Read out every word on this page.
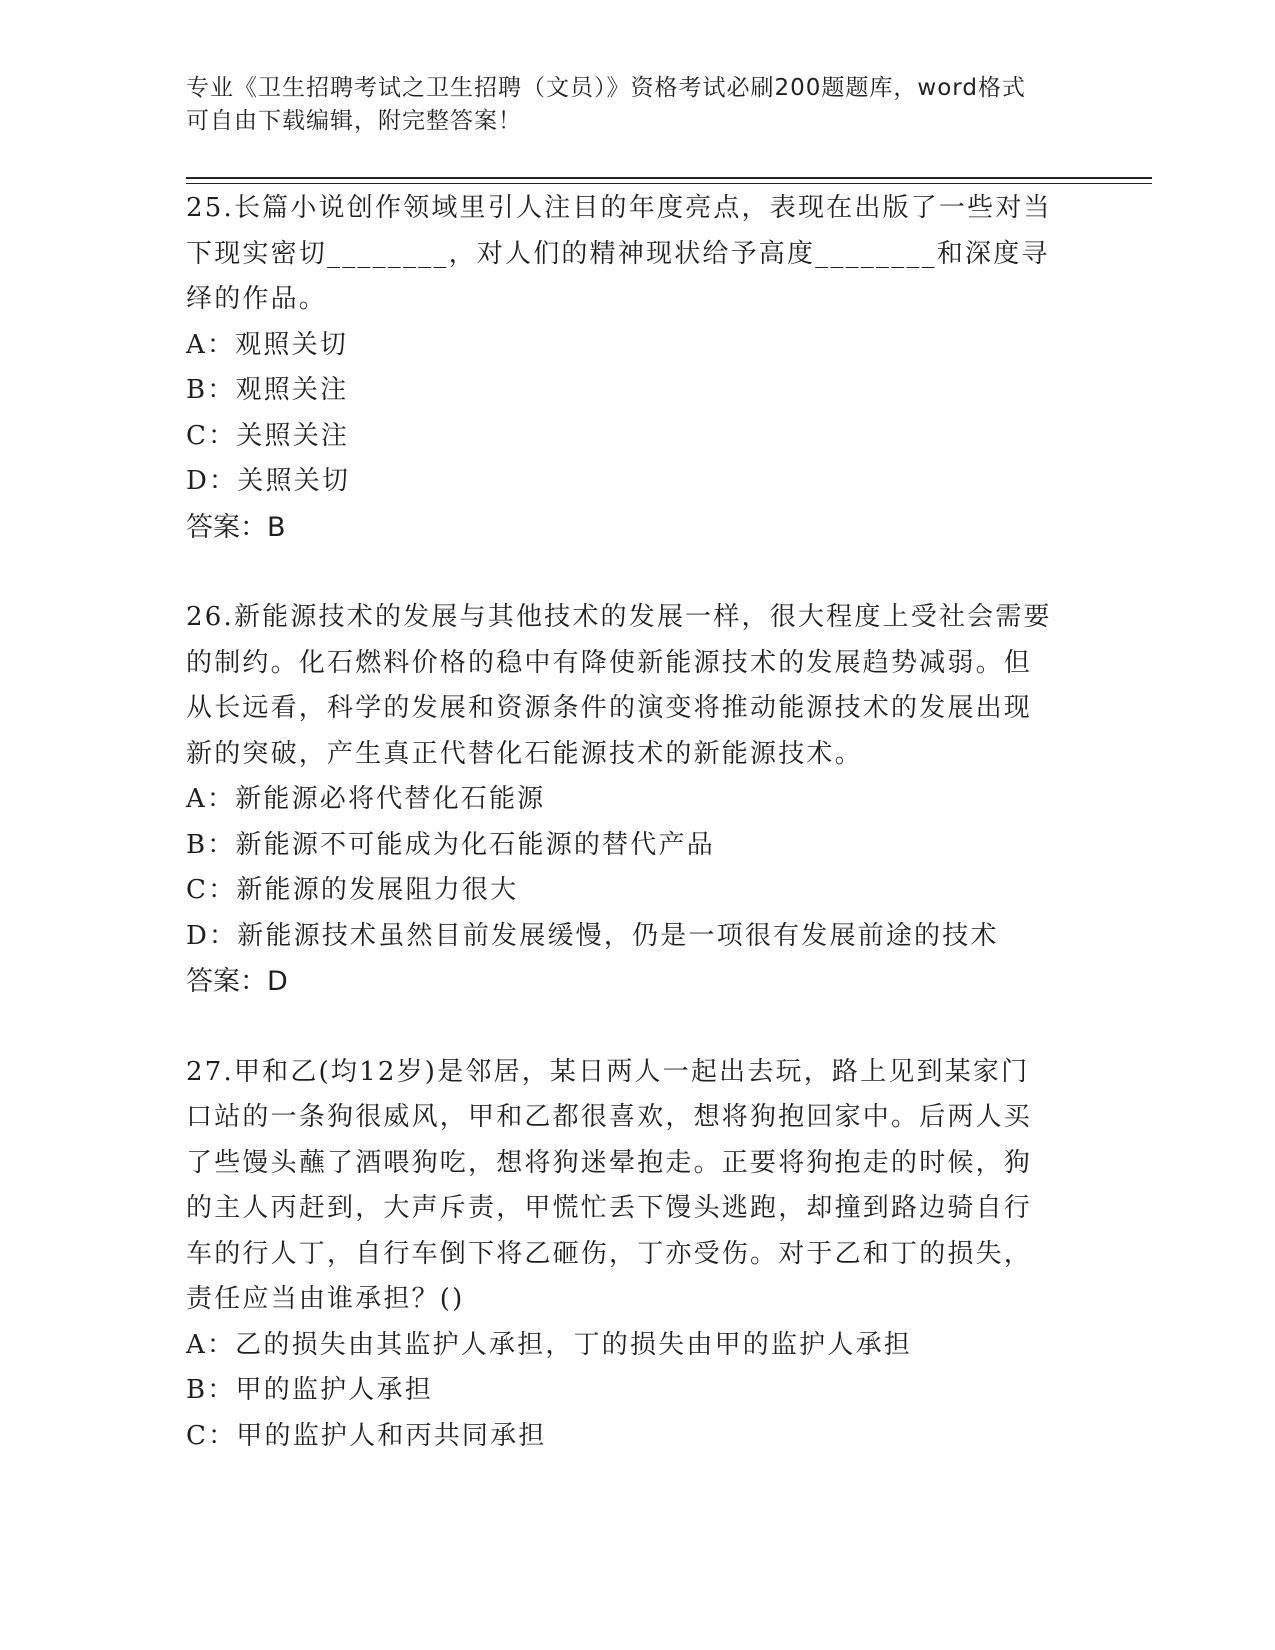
专业《卫生招聘考试之卫生招聘（文员）》资格考试必刷200题题库，word格式
可自由下载编辑，附完整答案！

25.长篇小说创作领域里引人注目的年度亮点，表现在出版了一些对当

下现实密切________，对人们的精神现状给予高度________和深度寻

绎的作品。

A：观照关切

B：观照关注

C：关照关注

D：关照关切

答案：B

26.新能源技术的发展与其他技术的发展一样，很大程度上受社会需要

的制约。化石燃料价格的稳中有降使新能源技术的发展趋势减弱。但

从长远看，科学的发展和资源条件的演变将推动能源技术的发展出现

新的突破，产生真正代替化石能源技术的新能源技术。

A：新能源必将代替化石能源

B：新能源不可能成为化石能源的替代产品

C：新能源的发展阻力很大

D：新能源技术虽然目前发展缓慢，仍是一项很有发展前途的技术

答案：D

27.甲和乙(均12岁)是邻居，某日两人一起出去玩，路上见到某家门

口站的一条狗很威风，甲和乙都很喜欢，想将狗抱回家中。后两人买

了些馒头蘸了酒喂狗吃，想将狗迷晕抱走。正要将狗抱走的时候，狗

的主人丙赶到，大声斥责，甲慌忙丢下馒头逃跑，却撞到路边骑自行

车的行人丁，自行车倒下将乙砸伤，丁亦受伤。对于乙和丁的损失，

责任应当由谁承担？()

A：乙的损失由其监护人承担，丁的损失由甲的监护人承担

B：甲的监护人承担

C：甲的监护人和丙共同承担
